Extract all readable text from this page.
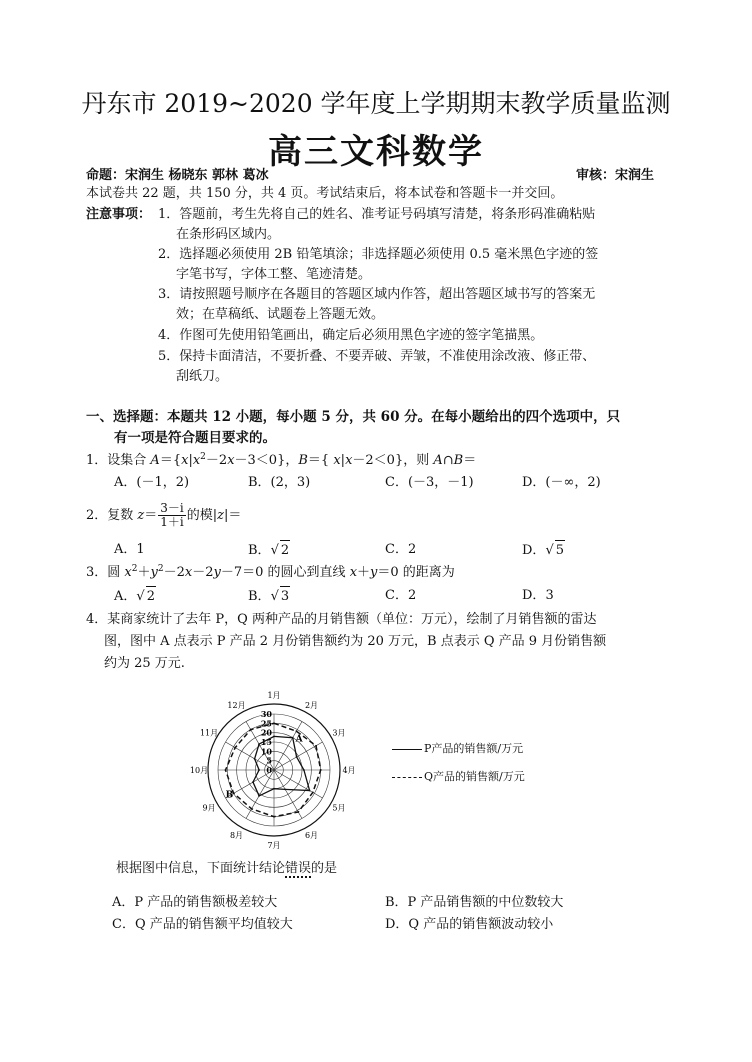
丹东市 2019~2020 学年度上学期期末教学质量监测
高三文科数学
命题：宋润生 杨晓东 郭林 葛冰	审核：宋润生
本试卷共 22 题，共 150 分，共 4 页。考试结束后，将本试卷和答题卡一并交回。
注意事项： 1．答题前，考生先将自己的姓名、准考证号码填写清楚，将条形码准确粘贴
在条形码区域内。
2．选择题必须使用 2B 铅笔填涂；非选择题必须使用 0.5 毫米黑色字迹的签
字笔书写，字体工整、笔迹清楚。
3．请按照题号顺序在各题目的答题区域内作答，超出答题区域书写的答案无
效；在草稿纸、试题卷上答题无效。
4．作图可先使用铅笔画出，确定后必须用黑色字迹的签字笔描黑。
5．保持卡面清洁，不要折叠、不要弄破、弄皱，不准使用涂改液、修正带、
刮纸刀。
一、选择题：本题共 12 小题，每小题 5 分，共 60 分。在每小题给出的四个选项中，只
有一项是符合题目要求的。
1．设集合 $A=\{x|x^2-2x-3<0\}$，B＝{ x|x－2＜0}，则 A∩B＝
A．(－1，2)	B．(2，3)	C．(－3，－1)	D．(－∞，2)
2．复数 $z= \frac{3-i}{1+i}$ 的模|z|＝
A．1	B．√ 2	C．2	D．√ 5
3．圆 $x^2+y^2-2x-2y-7=0$ 的圆心到直线 x＋y＝0 的距离为
A．√ 2	B．√ 3	C．2	D．3
4．某商家统计了去年 P，Q 两种产品的月销售额（单位：万元），绘制了月销售额的雷达
图，图中 A 点表示 P 产品 2 月份销售额约为 20 万元，B 点表示 Q 产品 9 月份销售额
约为 25 万元.
0
5
10
15
20
25
30
1月
2月
3月
4月
5月
6月
7月
8月
9月
10月
11月
12月
A
B
P产品的销售额/万元
Q产品的销售额/万元
根据图中信息，下面统计结论错误的是
A．P 产品的销售额极差较大	B．P 产品销售额的中位数较大
C．Q 产品的销售额平均值较大	D．Q 产品的销售额波动较小
